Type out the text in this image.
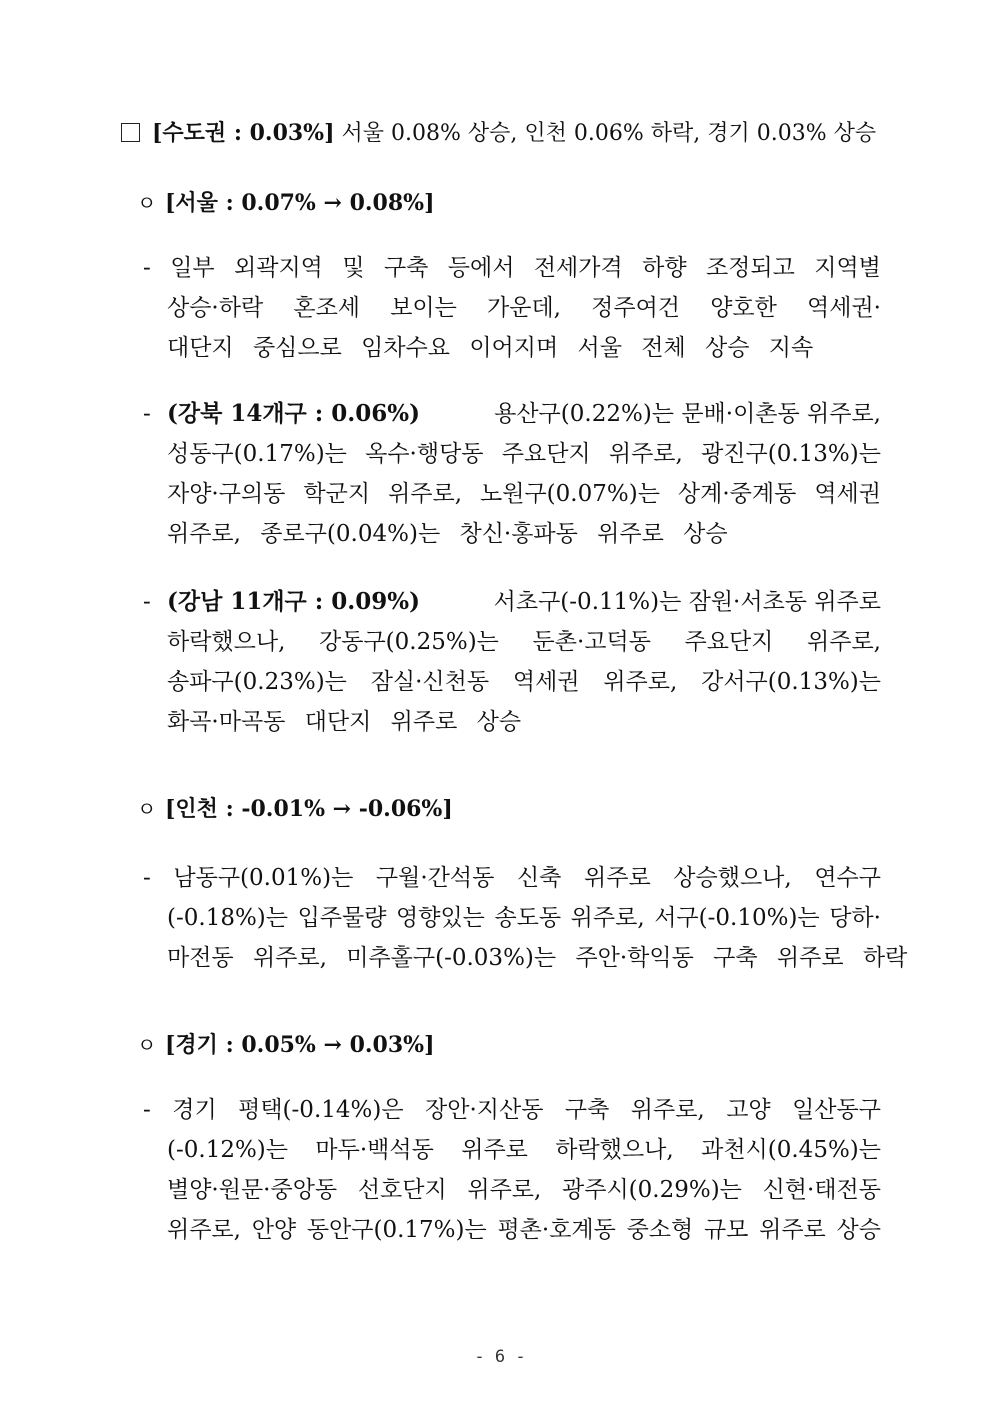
[수도권 : 0.03%] 서울 0.08% 상승, 인천 0.06% 하락, 경기 0.03% 상승
ㅇ [서울 : 0.07% → 0.08%]
- 일부 외곽지역 및 구축 등에서 전세가격 하향 조정되고 지역별
상승·하락 혼조세 보이는 가운데, 정주여건 양호한 역세권·
대단지 중심으로 임차수요 이어지며 서울 전체 상승 지속
- (강북 14개구 : 0.06%)	용산구(0.22%)는 문배·이촌동 위주로,
성동구(0.17%)는 옥수·행당동 주요단지 위주로, 광진구(0.13%)는
자양·구의동 학군지 위주로, 노원구(0.07%)는 상계·중계동 역세권
위주로, 종로구(0.04%)는 창신·홍파동 위주로 상승
- (강남 11개구 : 0.09%)	서초구(-0.11%)는 잠원·서초동 위주로
하락했으나, 강동구(0.25%)는 둔촌·고덕동 주요단지 위주로,
송파구(0.23%)는 잠실·신천동 역세권 위주로, 강서구(0.13%)는
화곡·마곡동 대단지 위주로 상승
ㅇ [인천 : -0.01% → -0.06%]
- 남동구(0.01%)는 구월·간석동 신축 위주로 상승했으나, 연수구
(-0.18%)는 입주물량 영향있는 송도동 위주로, 서구(-0.10%)는 당하·
마전동 위주로, 미추홀구(-0.03%)는 주안·학익동 구축 위주로 하락
ㅇ [경기 : 0.05% → 0.03%]
- 경기 평택(-0.14%)은 장안·지산동 구축 위주로, 고양 일산동구
(-0.12%)는 마두·백석동 위주로 하락했으나, 과천시(0.45%)는
별양·원문·중앙동 선호단지 위주로, 광주시(0.29%)는 신현·태전동
위주로, 안양 동안구(0.17%)는 평촌·호계동 중소형 규모 위주로 상승
- 6 -
